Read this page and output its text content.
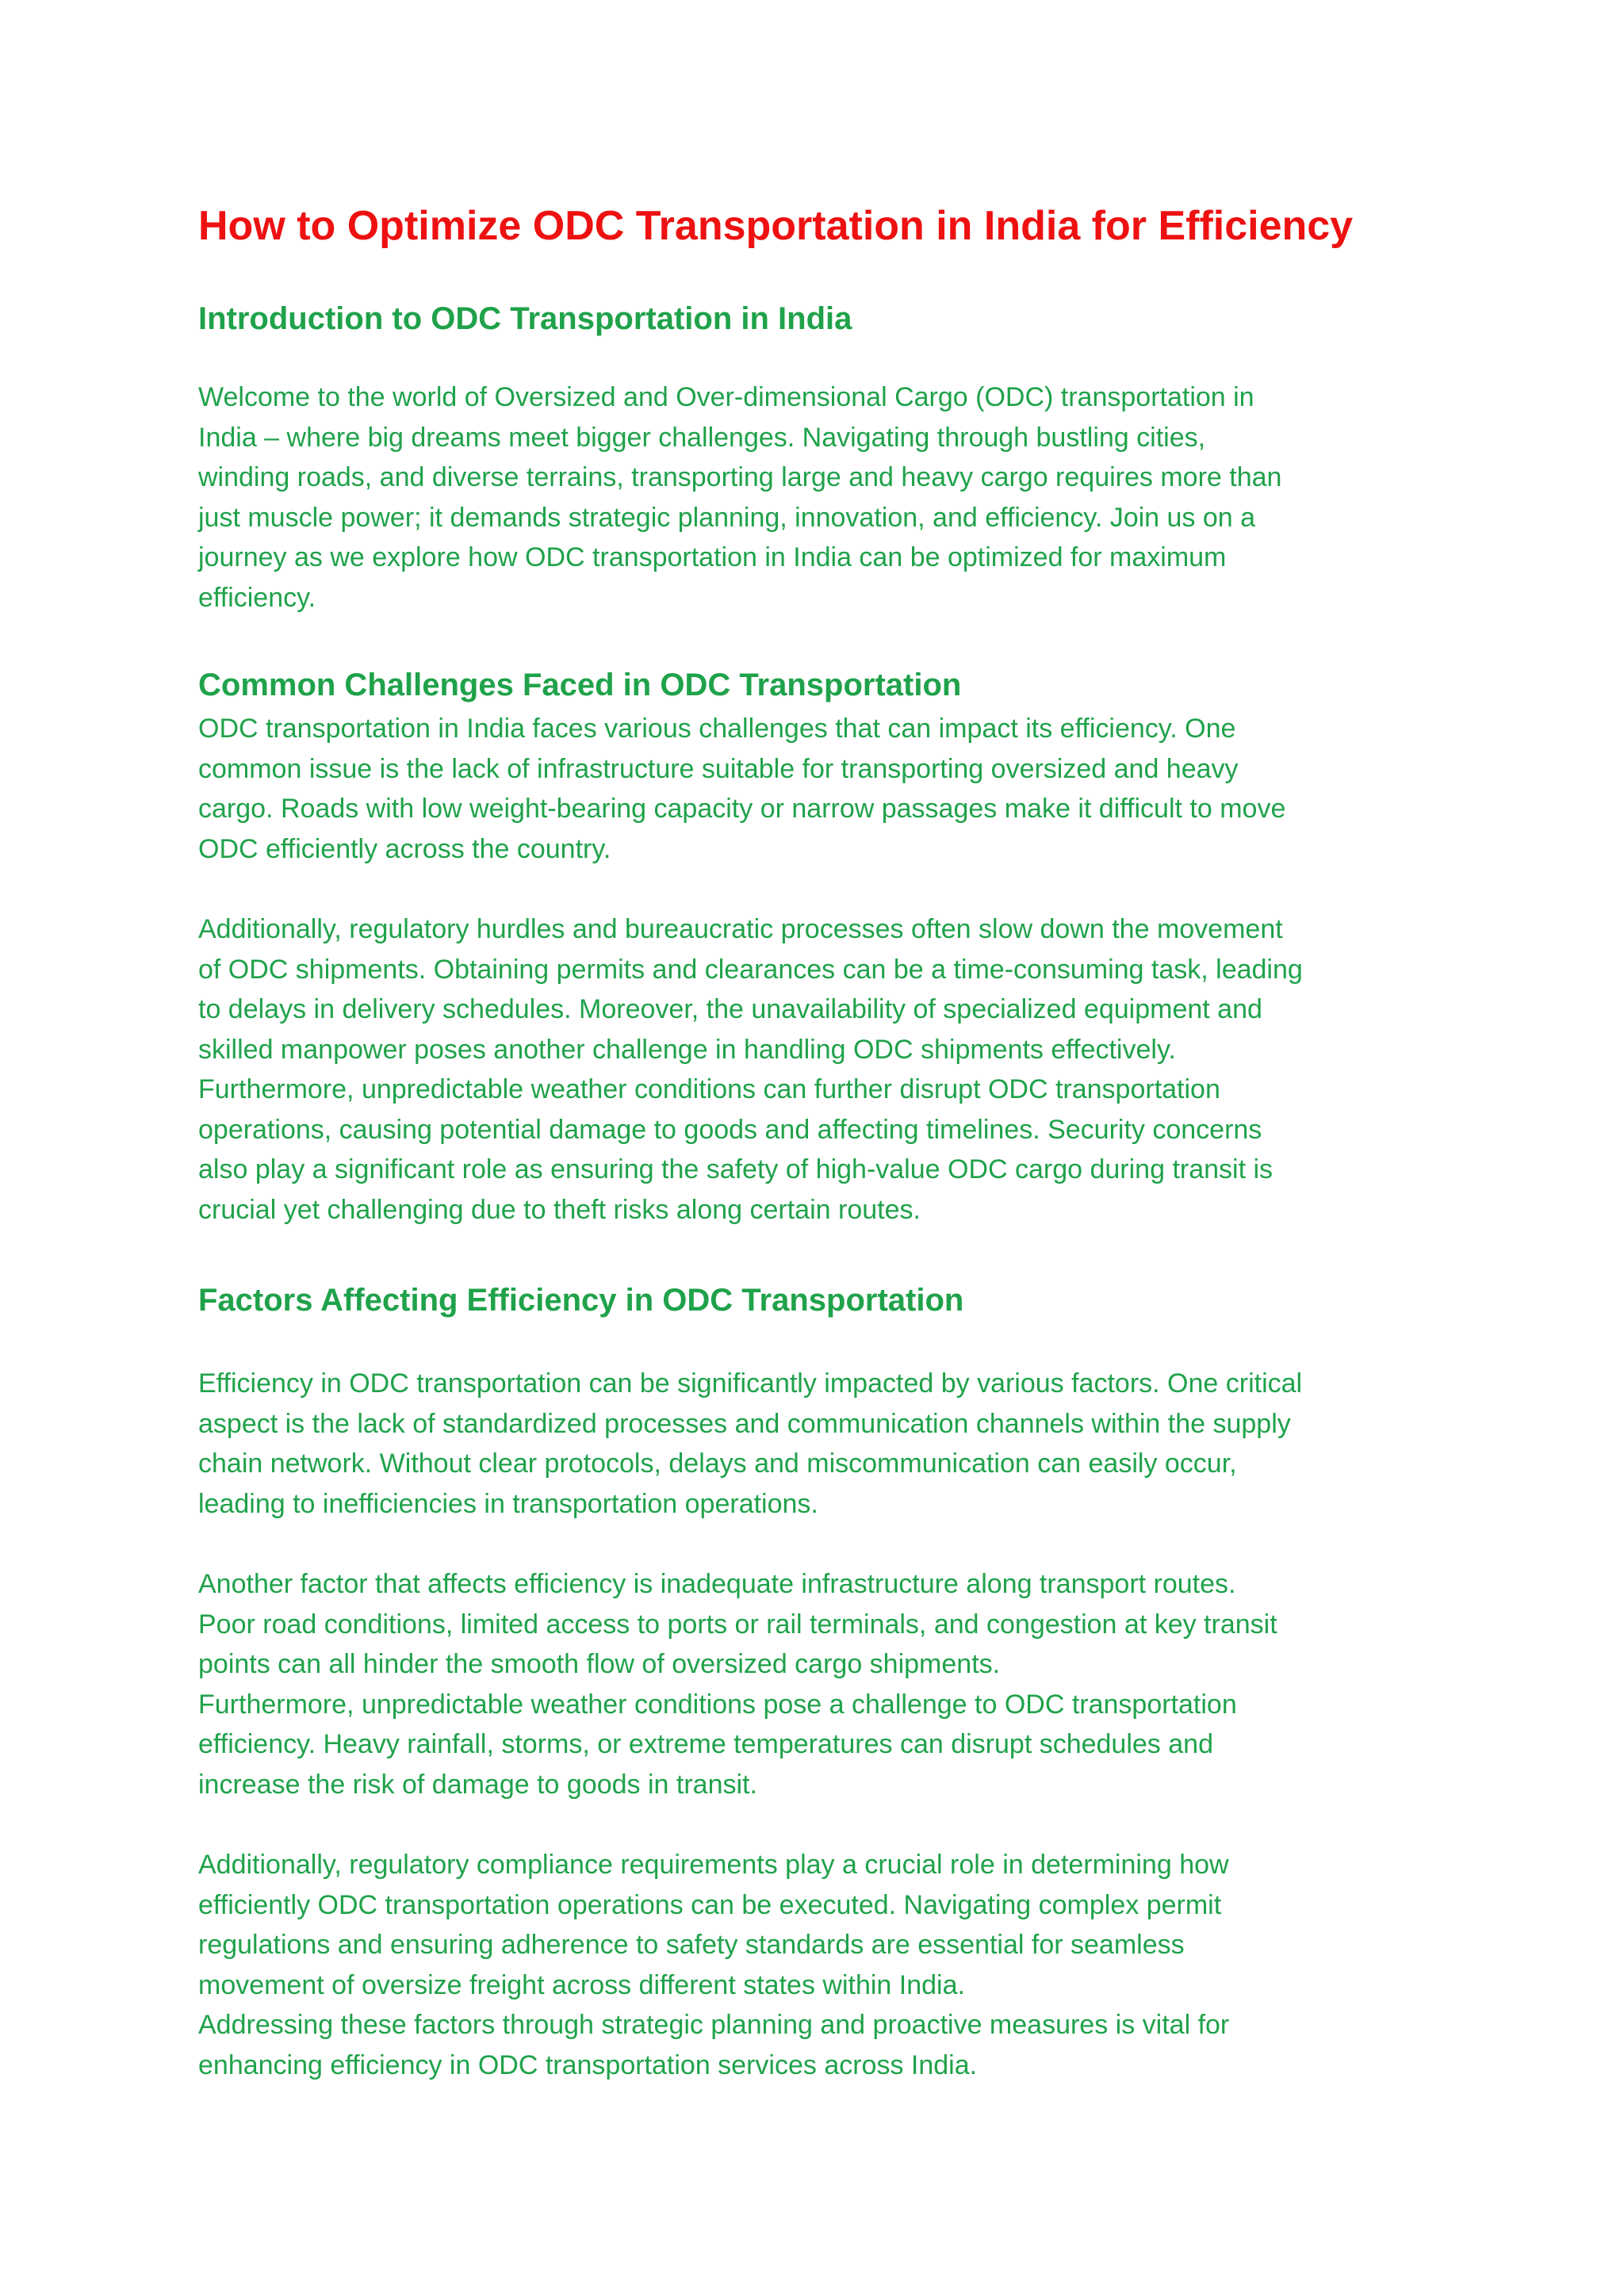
How to Optimize ODC Transportation in India for Efficiency
Introduction to ODC Transportation in India

Welcome to the world of Oversized and Over-dimensional Cargo (ODC) transportation in
India – where big dreams meet bigger challenges. Navigating through bustling cities,
winding roads, and diverse terrains, transporting large and heavy cargo requires more than
just muscle power; it demands strategic planning, innovation, and efficiency. Join us on a
journey as we explore how ODC transportation in India can be optimized for maximum
efficiency.

Common Challenges Faced in ODC Transportation

ODC transportation in India faces various challenges that can impact its efficiency. One
common issue is the lack of infrastructure suitable for transporting oversized and heavy
cargo. Roads with low weight-bearing capacity or narrow passages make it difficult to move
ODC efficiently across the country.

Additionally, regulatory hurdles and bureaucratic processes often slow down the movement
of ODC shipments. Obtaining permits and clearances can be a time-consuming task, leading
to delays in delivery schedules. Moreover, the unavailability of specialized equipment and
skilled manpower poses another challenge in handling ODC shipments effectively.
Furthermore, unpredictable weather conditions can further disrupt ODC transportation
operations, causing potential damage to goods and affecting timelines. Security concerns
also play a significant role as ensuring the safety of high-value ODC cargo during transit is
crucial yet challenging due to theft risks along certain routes.

Factors Affecting Efficiency in ODC Transportation

Efficiency in ODC transportation can be significantly impacted by various factors. One critical
aspect is the lack of standardized processes and communication channels within the supply
chain network. Without clear protocols, delays and miscommunication can easily occur,
leading to inefficiencies in transportation operations.

Another factor that affects efficiency is inadequate infrastructure along transport routes.
Poor road conditions, limited access to ports or rail terminals, and congestion at key transit
points can all hinder the smooth flow of oversized cargo shipments.
Furthermore, unpredictable weather conditions pose a challenge to ODC transportation
efficiency. Heavy rainfall, storms, or extreme temperatures can disrupt schedules and
increase the risk of damage to goods in transit.

Additionally, regulatory compliance requirements play a crucial role in determining how
efficiently ODC transportation operations can be executed. Navigating complex permit
regulations and ensuring adherence to safety standards are essential for seamless
movement of oversize freight across different states within India.
Addressing these factors through strategic planning and proactive measures is vital for
enhancing efficiency in ODC transportation services across India.
